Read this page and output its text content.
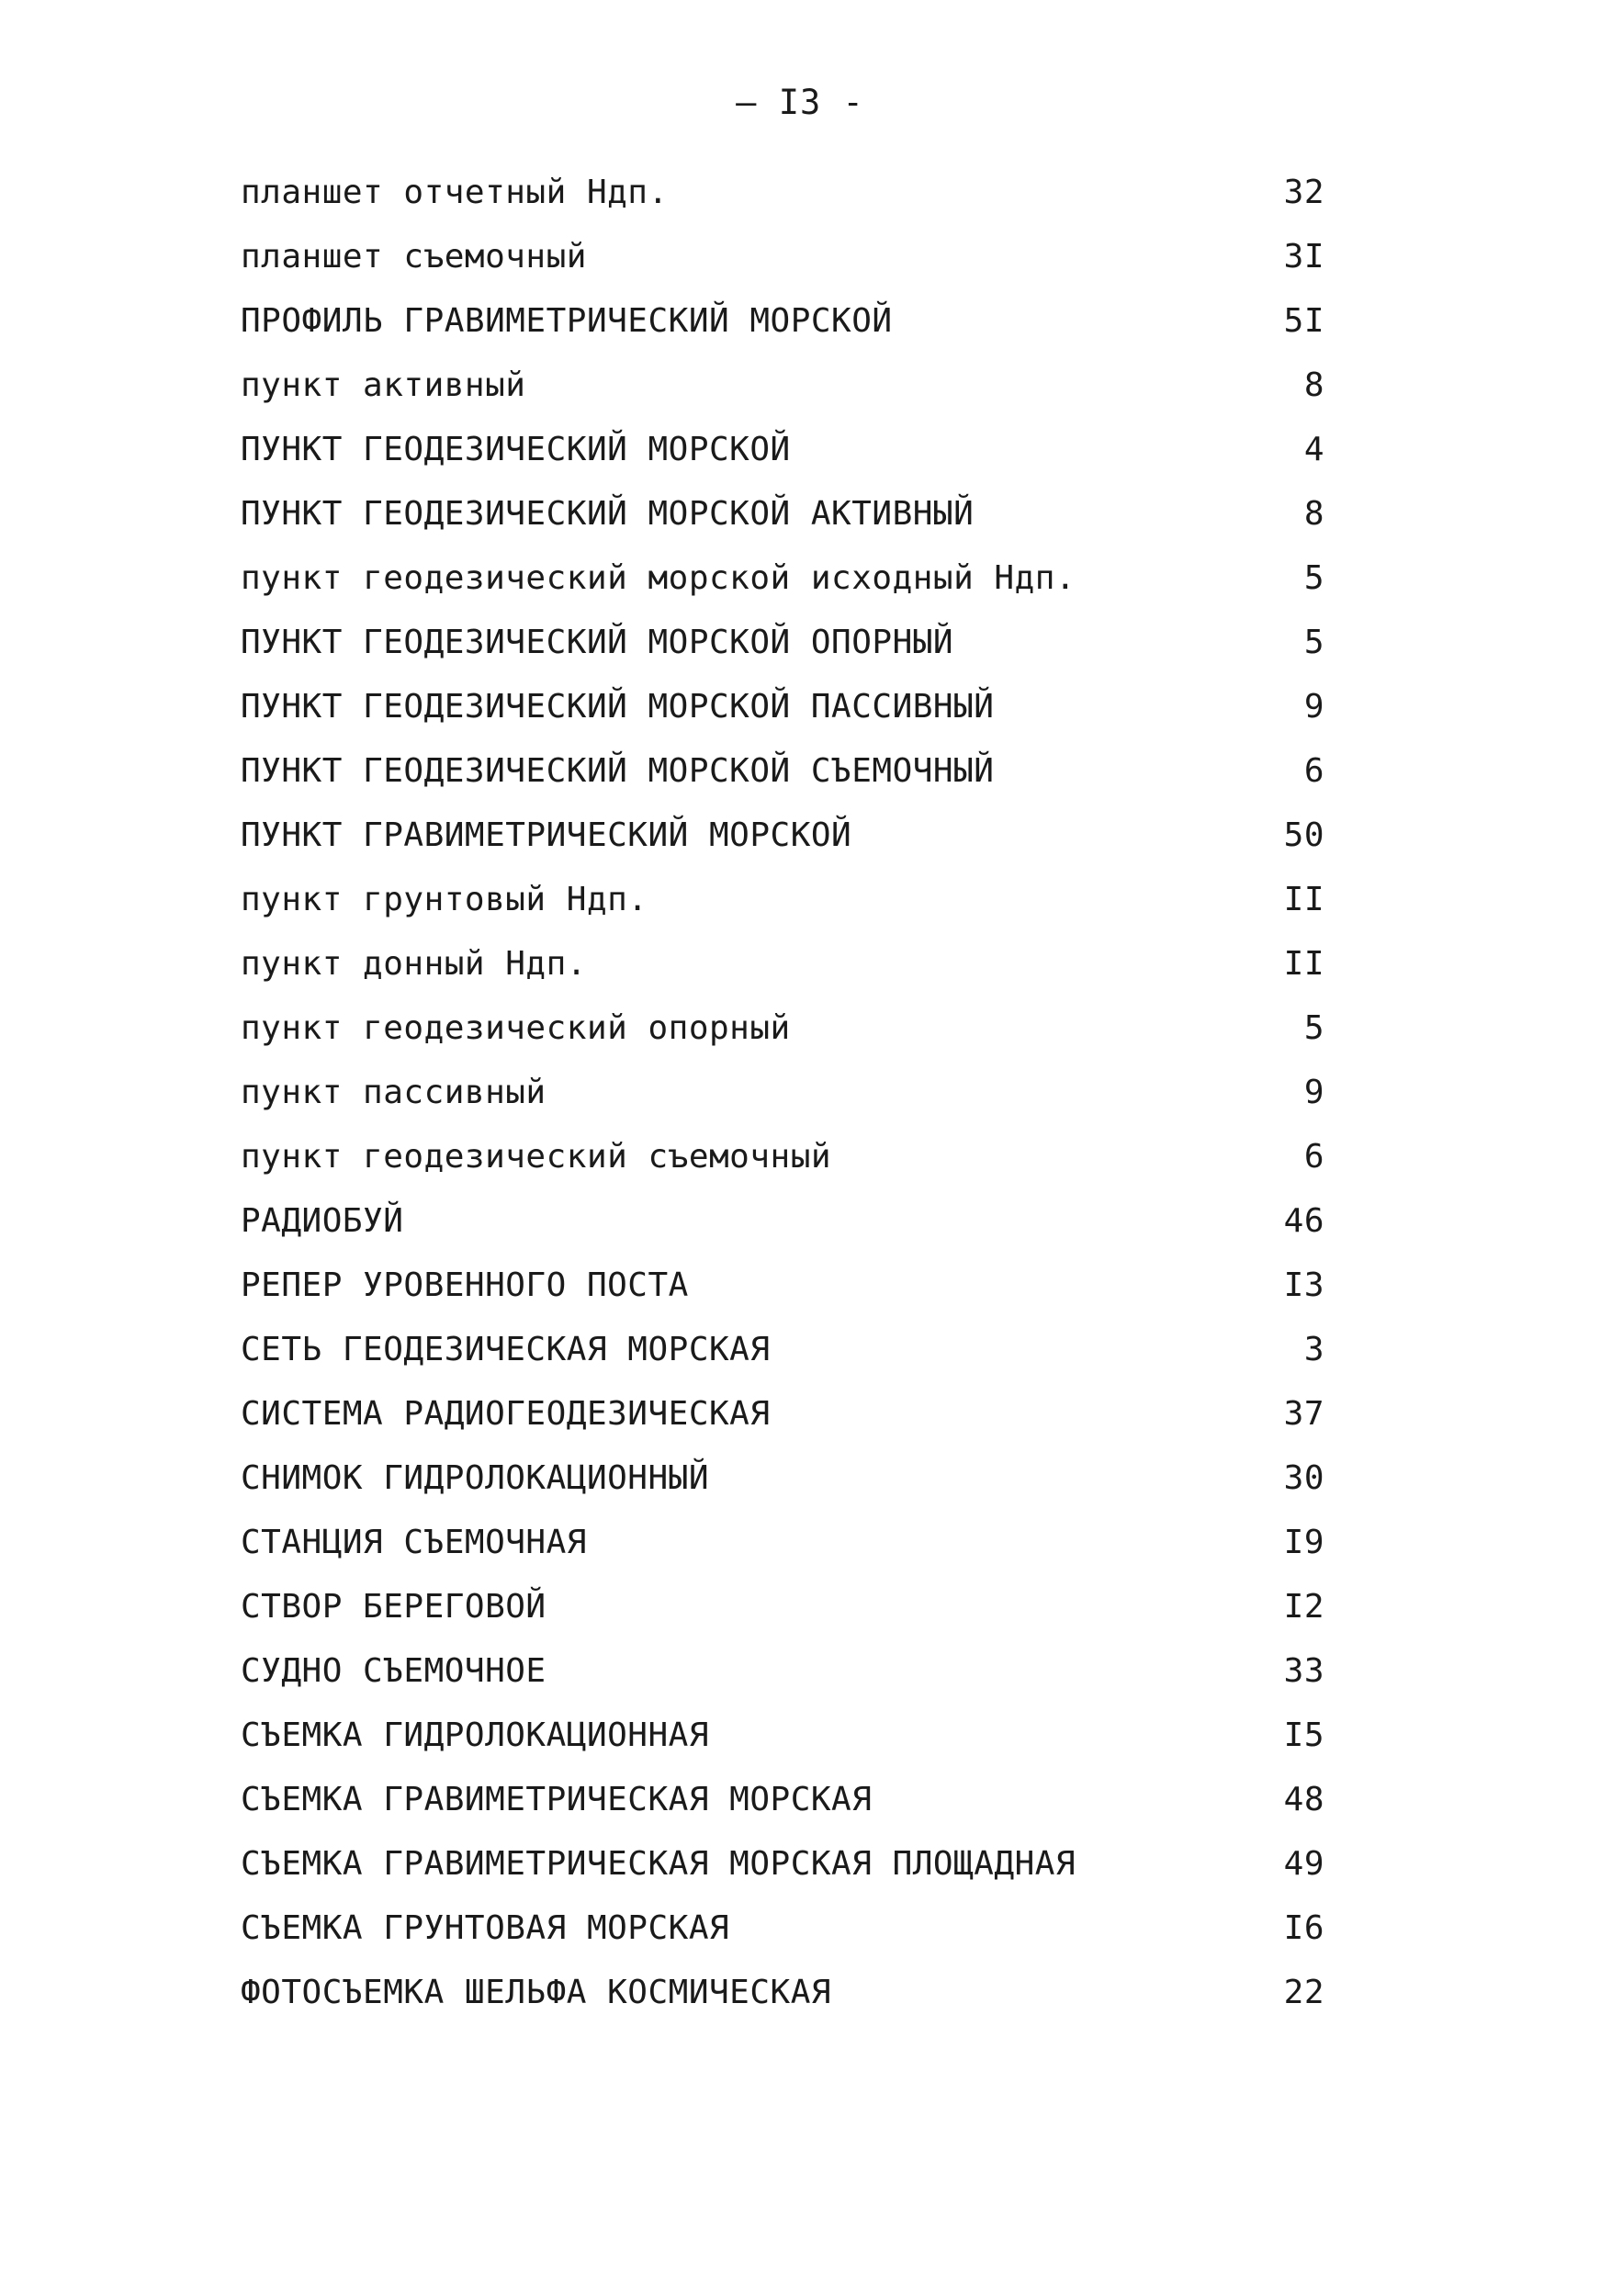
— I3 -
планшет отчетный Ндп.	32
планшет съемочный	3I
ПРОФИЛЬ ГРАВИМЕТРИЧЕСКИЙ МОРСКОЙ	5I
пункт активный	8
ПУНКТ ГЕОДЕЗИЧЕСКИЙ МОРСКОЙ	4
ПУНКТ ГЕОДЕЗИЧЕСКИЙ МОРСКОЙ АКТИВНЫЙ	8
пункт геодезический морской исходный Ндп.	5
ПУНКТ ГЕОДЕЗИЧЕСКИЙ МОРСКОЙ ОПОРНЫЙ	5
ПУНКТ ГЕОДЕЗИЧЕСКИЙ МОРСКОЙ ПАССИВНЫЙ	9
ПУНКТ ГЕОДЕЗИЧЕСКИЙ МОРСКОЙ СЪЕМОЧНЫЙ	6
ПУНКТ ГРАВИМЕТРИЧЕСКИЙ МОРСКОЙ	50
пункт грунтовый Ндп.	II
пункт донный Ндп.	II
пункт геодезический опорный	5
пункт пассивный	9
пункт геодезический съемочный	6
РАДИОБУЙ	46
РЕПЕР УРОВЕННОГО ПОСТА	I3
СЕТЬ ГЕОДЕЗИЧЕСКАЯ МОРСКАЯ	3
СИСТЕМА РАДИОГЕОДЕЗИЧЕСКАЯ	37
СНИМОК ГИДРОЛОКАЦИОННЫЙ	30
СТАНЦИЯ СЪЕМОЧНАЯ	I9
СТВОР БЕРЕГОВОЙ	I2
СУДНО СЪЕМОЧНОЕ	33
СЪЕМКА ГИДРОЛОКАЦИОННАЯ	I5
СЪЕМКА ГРАВИМЕТРИЧЕСКАЯ МОРСКАЯ	48
СЪЕМКА ГРАВИМЕТРИЧЕСКАЯ МОРСКАЯ ПЛОЩАДНАЯ	49
СЪЕМКА ГРУНТОВАЯ МОРСКАЯ	I6
ФОТОСЪЕМКА ШЕЛЬФА КОСМИЧЕСКАЯ	22
